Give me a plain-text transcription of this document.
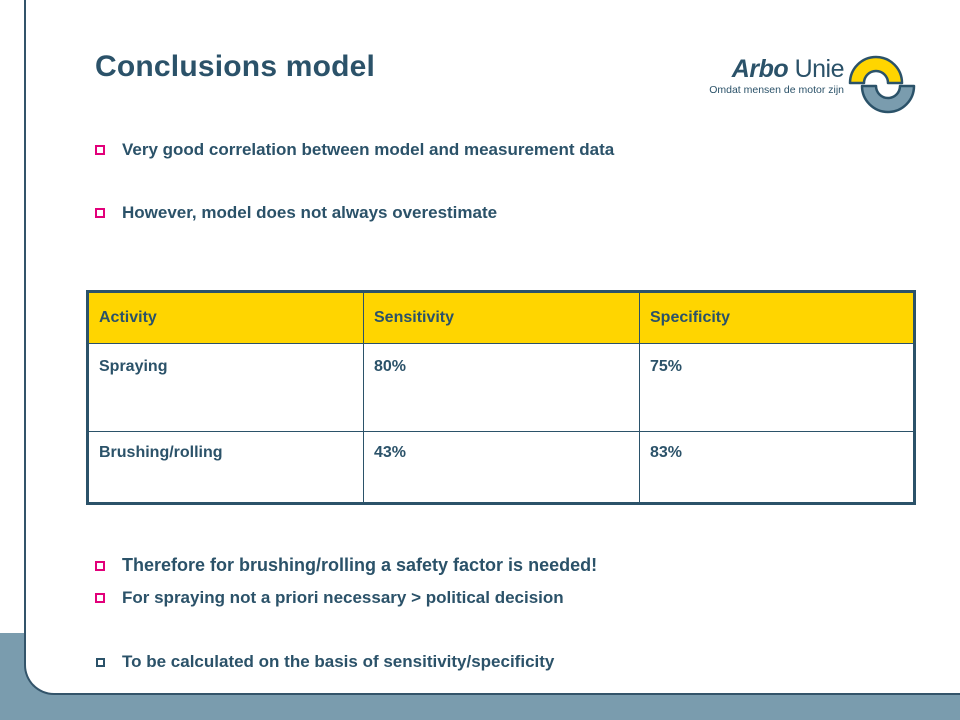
Conclusions model	Arbo Unie
Omdat mensen de motor zijn
Very good correlation between model and measurement data
However, model does not always overestimate
Activity	Sensitivity	Specificity
Spraying	80%	75%
Brushing/rolling	43%	83%
Therefore for brushing/rolling a safety factor is needed!
For spraying not a priori necessary > political decision
To be calculated on the basis of sensitivity/specificity
